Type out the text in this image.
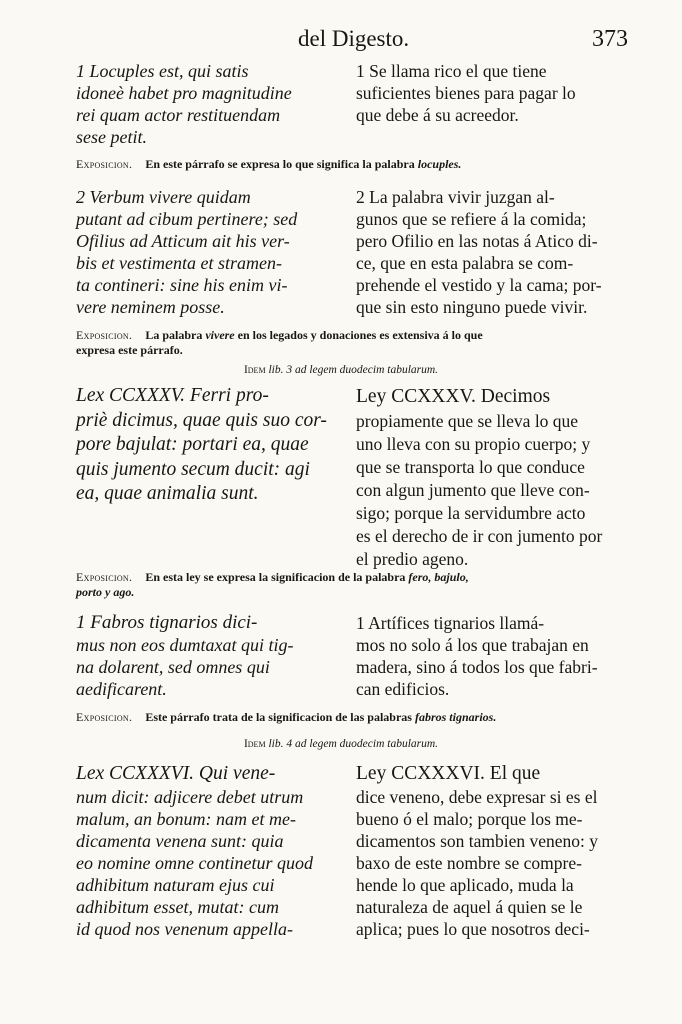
del Digesto.	373
1 Locuples est, qui satis
idoneè habet pro magnitudine
rei quam actor restituendam
sese petit.
1 Se llama rico el que tiene
suficientes bienes para pagar lo
que debe á su acreedor.
Exposicion. En este párrafo se expresa lo que significa la palabra locuples.
2 Verbum vivere quidam
putant ad cibum pertinere; sed
Ofilius ad Atticum ait his ver-
bis et vestimenta et stramen-
ta contineri: sine his enim vi-
vere neminem posse.
2 La palabra vivir juzgan al-
gunos que se refiere á la comida;
pero Ofilio en las notas á Atico di-
ce, que en esta palabra se com-
prehende el vestido y la cama; por-
que sin esto ninguno puede vivir.
Exposicion. La palabra vivere en los legados y donaciones es extensiva á lo que
expresa este párrafo.
Idem lib. 3 ad legem duodecim tabularum.
Lex CCXXXV. Ferri pro-
priè dicimus, quae quis suo cor-
pore bajulat: portari ea, quae
quis jumento secum ducit: agi
ea, quae animalia sunt.
Ley CCXXXV. Decimos
propiamente que se lleva lo que
uno lleva con su propio cuerpo; y
que se transporta lo que conduce
con algun jumento que lleve con-
sigo; porque la servidumbre acto
es el derecho de ir con jumento por
el predio ageno.
Exposicion. En esta ley se expresa la significacion de la palabra fero, bajulo,
porto y ago.
1 Fabros tignarios dici-
mus non eos dumtaxat qui tig-
na dolarent, sed omnes qui
aedificarent.
1 Artífices tignarios llamá-
mos no solo á los que trabajan en
madera, sino á todos los que fabri-
can edificios.
Exposicion. Este párrafo trata de la significacion de las palabras fabros tignarios.
Idem lib. 4 ad legem duodecim tabularum.
Lex CCXXXVI. Qui vene-
num dicit: adjicere debet utrum
malum, an bonum: nam et me-
dicamenta venena sunt: quia
eo nomine omne continetur quod
adhibitum naturam ejus cui
adhibitum esset, mutat: cum
id quod nos venenum appella-
Ley CCXXXVI. El que
dice veneno, debe expresar si es el
bueno ó el malo; porque los me-
dicamentos son tambien veneno: y
baxo de este nombre se compre-
hende lo que aplicado, muda la
naturaleza de aquel á quien se le
aplica; pues lo que nosotros deci-
